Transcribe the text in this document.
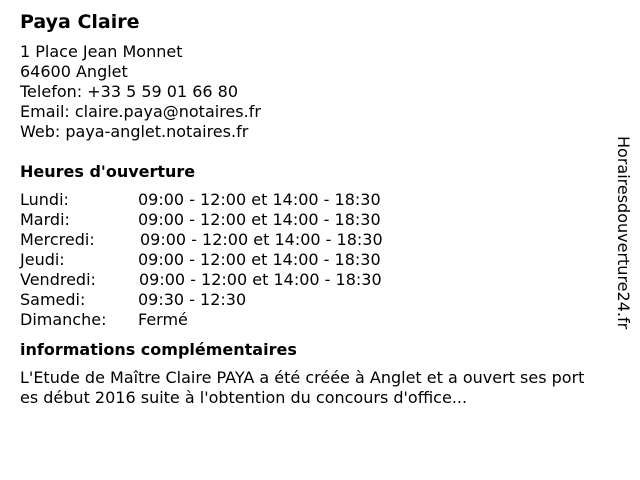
Paya Claire
1 Place Jean Monnet
64600 Anglet
Telefon: +33 5 59 01 66 80
Email: claire.paya@notaires.fr
Web: paya-anglet.notaires.fr
Heures d'ouverture
Lundi:	09:00 - 12:00 et 14:00 - 18:30
Mardi:	09:00 - 12:00 et 14:00 - 18:30
Mercredi:	09:00 - 12:00 et 14:00 - 18:30
Jeudi:	09:00 - 12:00 et 14:00 - 18:30
Vendredi:	09:00 - 12:00 et 14:00 - 18:30
Samedi:	09:30 - 12:30
Dimanche:	Fermé
informations complémentaires
L'Etude de Maître Claire PAYA a été créée à Anglet et a ouvert ses portes début 2016 suite à l'obtention du concours d'office...
Horairesdouverture24.fr
